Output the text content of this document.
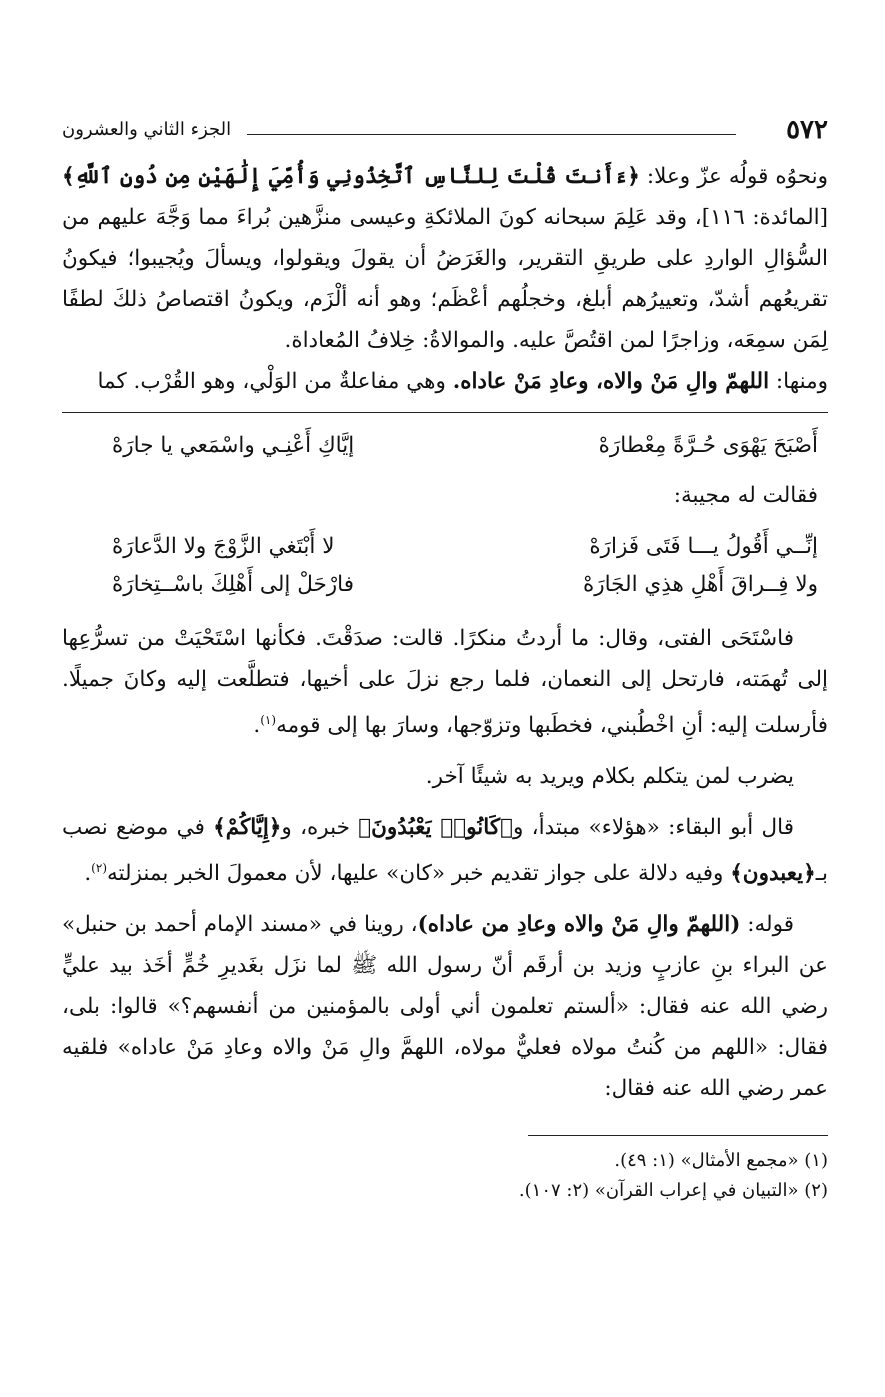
٥٧٢
الجزء الثاني والعشرون

ونحوُه قولُه عزّ وعلا: ﴿ءَأَنتَ قُلْتَ لِلنَّاسِ ٱتَّخِذُونِي وَأُمِّيَ إِلَٰهَيْنِ مِن دُونِ ٱللَّهِ﴾ [المائدة: ١١٦]، وقد عَلِمَ سبحانه كونَ الملائكةِ وعيسى منزَّهين بُراءَ مما وَجَّهَ عليهم من السُّؤالِ الواردِ على طريقِ التقرير، والغَرَضُ أن يقولَ ويقولوا، ويسألَ ويُجيبوا؛ فيكونُ تقريعُهم أشدّ، وتعييرُهم أبلغ، وخجلُهم أعْظَم؛ وهو أنه ألْزَم، ويكونُ اقتصاصُ ذلكَ لطفًا لِمَن سمِعَه، وزاجرًا لمن اقتُصَّ عليه. والموالاةُ: خِلافُ المُعاداة.

ومنها: اللهمّ والِ مَنْ والاه، وعادِ مَنْ عاداه. وهي مفاعلةٌ من الوَلْي، وهو القُرْب. كما

أَصْبَحَ يَهْوَى حُـرَّةً مِعْطارَهْ
إيَّاكِ أَعْنِـي واسْمَعي يا جارَهْ

فقالت له مجيبة:

إنِّــي أَقُولُ يـــا فَتَى فَزارَهْ
لا أَبْتَغي الزَّوْجَ ولا الدَّعارَهْ
ولا فِــراقَ أَهْلِ هذِي الجَارَهْ
فارْحَلْ إلى أَهْلِكَ باسْــتِخارَهْ

فاسْتَحَى الفتى، وقال: ما أردتُ منكرًا. قالت: صدَقْتَ. فكأنها اسْتَحْيَتْ من تسرُّعِها إلى تُهمَته، فارتحل إلى النعمان، فلما رجع نزلَ على أخيها، فتطلَّعت إليه وكانَ جميلًا. فأرسلت إليه: أنِ اخْطُبني، فخطَبها وتزوّجها، وسارَ بها إلى قومه$^{(١)}$.

يضرب لمن يتكلم بكلام ويريد به شيئًا آخر.

قال أبو البقاء: «هؤلاء» مبتدأ، و﴿كَانُوا۟ يَعْبُدُونَ﴾ خبره، و﴿إِيَّاكُمْ﴾ في موضع نصب بـ﴿يعبدون﴾ وفيه دلالة على جواز تقديم خبر «كان» عليها، لأن معمولَ الخبر بمنزلته$^{(٢)}$.

قوله: (اللهمّ والِ مَنْ والاه وعادِ من عاداه)، روينا في «مسند الإمام أحمد بن حنبل» عن البراء بنِ عازبٍ وزيد بن أرقَم أنّ رسول الله ﷺ لما نزَل بغَديرِ خُمٍّ أخَذ بيد عليٍّ رضي الله عنه فقال: «ألستم تعلمون أني أولى بالمؤمنين من أنفسهم؟» قالوا: بلى، فقال: «اللهم من كُنتُ مولاه فعليٌّ مولاه، اللهمَّ والِ مَنْ والاه وعادِ مَنْ عاداه» فلقيه عمر رضي الله عنه فقال:

(١) «مجمع الأمثال» (١: ٤٩).

(٢) «التبيان في إعراب القرآن» (٢: ١٠٧).
